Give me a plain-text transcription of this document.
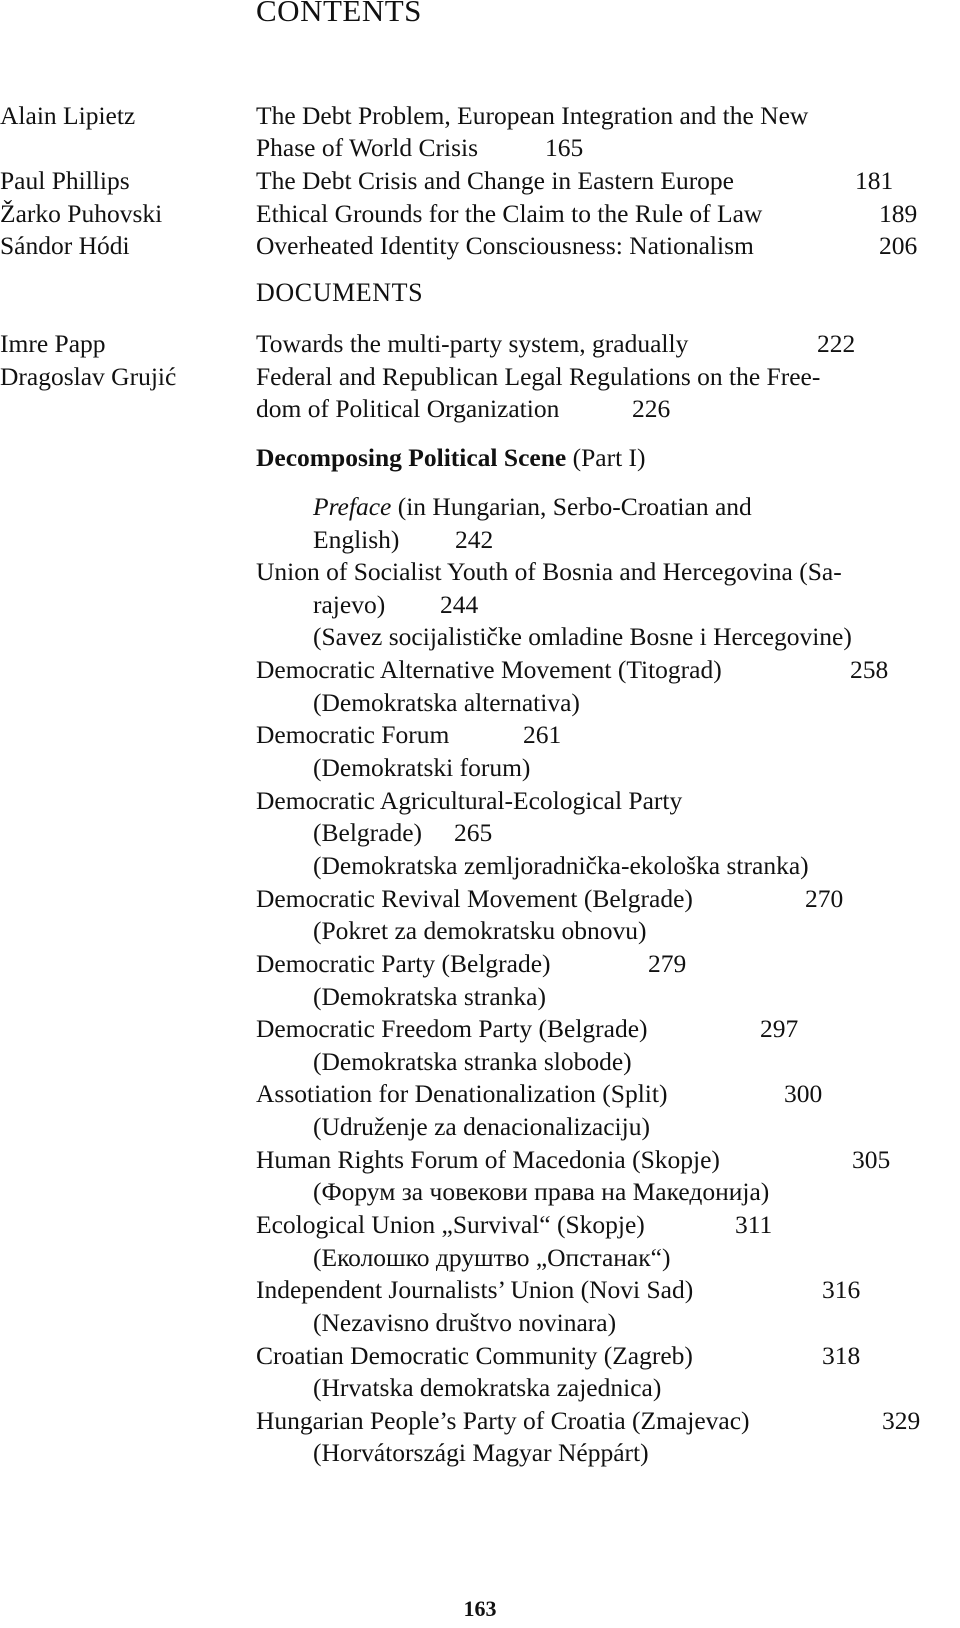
CONTENTS
Alain Lipietz	The Debt Problem, European Integration and the New
Phase of World Crisis	165
Paul Phillips	The Debt Crisis and Change in Eastern Europe	181
Žarko Puhovski	Ethical Grounds for the Claim to the Rule of Law	189
Sándor Hódi	Overheated Identity Consciousness: Nationalism	206
DOCUMENTS
Imre Papp	Towards the multi-party system, gradually	222
Dragoslav Grujić	Federal and Republican Legal Regulations on the Free-
dom of Political Organization	226
Decomposing Political Scene (Part I)
Preface (in Hungarian, Serbo-Croatian and
English) 242
Union of Socialist Youth of Bosnia and Hercegovina (Sa-
rajevo) 244
(Savez socijalističke omladine Bosne i Hercegovine)
Democratic Alternative Movement (Titograd)	258
(Demokratska alternativa)
Democratic Forum	261
(Demokratski forum)
Democratic Agricultural-Ecological Party
(Belgrade) 265
(Demokratska zemljoradnička-ekološka stranka)
Democratic Revival Movement (Belgrade)	270
(Pokret za demokratsku obnovu)
Democratic Party (Belgrade)	279
(Demokratska stranka)
Democratic Freedom Party (Belgrade)	297
(Demokratska stranka slobode)
Assotiation for Denationalization (Split)	300
(Udruženje za denacionalizaciju)
Human Rights Forum of Macedonia (Skopje)	305
(Форум за човекови права на Македонија)
Ecological Union „Survival“ (Skopje)	311
(Еколошко друштво „Опстанак“)
Independent Journalists’ Union (Novi Sad)	316
(Nezavisno društvo novinara)
Croatian Democratic Community (Zagreb)	318
(Hrvatska demokratska zajednica)
Hungarian People’s Party of Croatia (Zmajevac)	329
(Horvátországi Magyar Néppárt)
163
